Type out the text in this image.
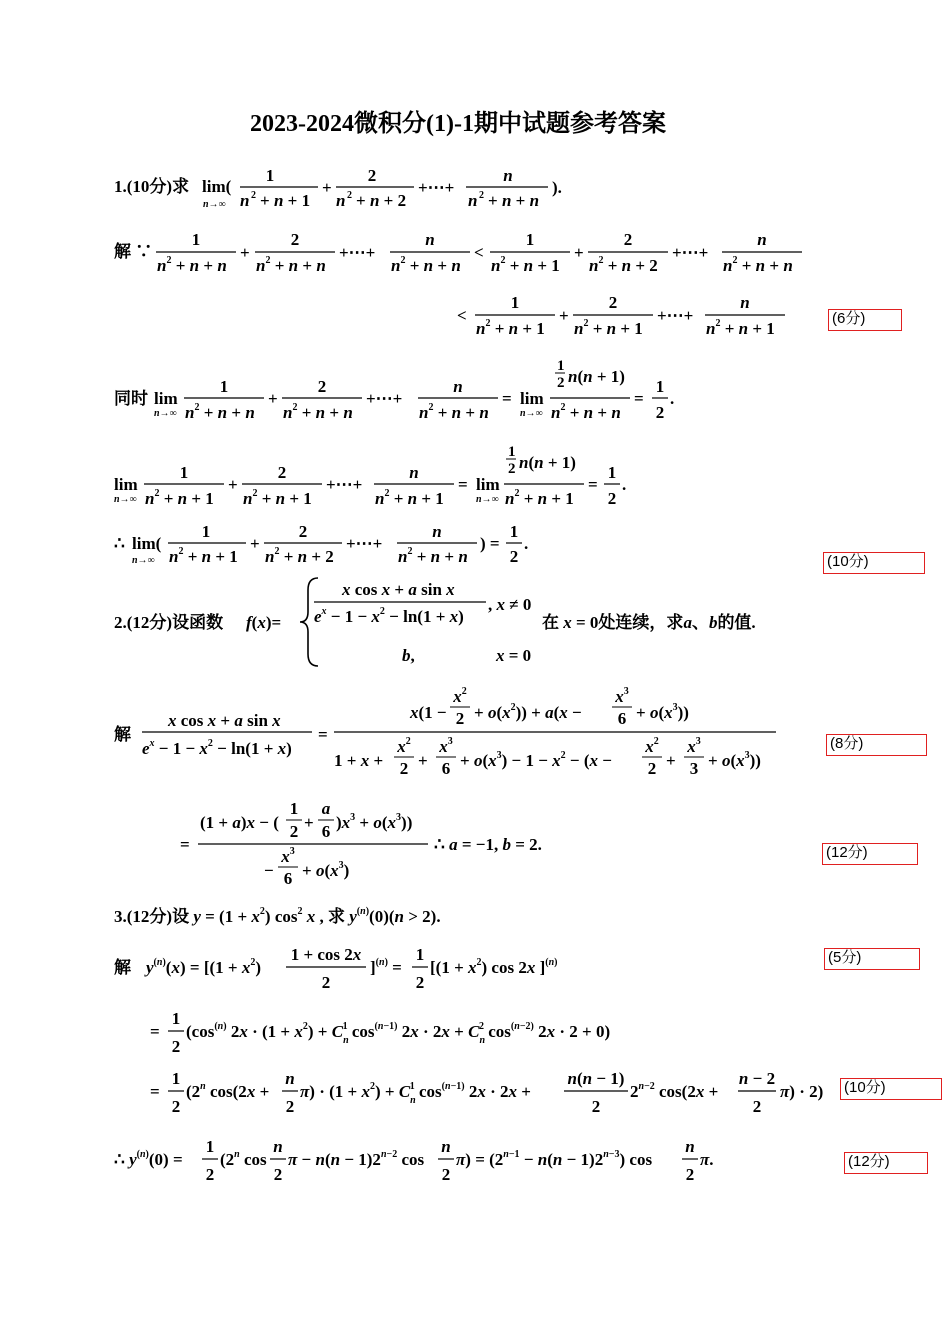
2023-2024微积分(1)-1期中试题参考答案
1.(10分)求 lim(
n→∞
1
n 2 + n + 1
+
2
n 2 + n + 2
+⋯+
n
n 2 + n + n
).
解 ∵
1
$n^2 + n + n$
+
2
$n^2 + n + n$
+⋯+
n
$n^2 + n + n$
<
1
$n^2 + n + 1$
+
2
$n^2 + n + 2$
+⋯+
n
$n^2 + n + n$
<
1
$n^2 + n + 1$
+
2
$n^2 + n + 1$
+⋯+
n
$n^2 + n + 1$
(6分)
同时 lim
n→∞
1
$n^2 + n + n$
+
2
$n^2 + n + n$
+⋯+
n
$n^2 + n + n$
= lim
n→∞
1
2 n(n + 1)
$n^2 + n + n$
=
1
2
.
lim
n→∞
1
$n^2 + n + 1$
+
2
$n^2 + n + 1$
+⋯+
n
$n^2 + n + 1$
= lim
n→∞
1
2 n(n + 1)
$n^2 + n + 1$
=
1
2
.
∴ lim(
n→∞
1
$n^2 + n + 1$
+
2
$n^2 + n + 2$
+⋯+
n
$n^2 + n + n$
) =
1
2
.
(10分)
2.(12分)设函数 f(x)=
x cos x + a sin x
$e^x - 1 - x^2 - \ln(1 + x)$
, x ≠ 0
在 x = 0处连续，求a、b的值.
b,	x = 0
解
x cos x + a sin x
$e^x - 1 - x^2 - \ln(1 + x)$
=
x(1 −
$x^2$
$2 + o(x^2)) + a(x$ −
$x^3$
$6 + o(x^3)$)
1 + x +
$x^2$
2 +
$x^3$
$6 + o(x^3) - 1 - x^2 - (x$ −
$x^2$
2 +
$x^3$
$3 + o(x^3)$)
(8分)
=
(1 + a)x − (
1
2 +
a
6 )$x^3 + o(x^3)$)
−
$x^3$
$6 + o(x^3)$
∴ a = −1, b = 2.	(12分)
3.(12分)设 $y = (1 + x^2)$ $\cos^2 x$ , 求 $y^{(n)}(0)(n > 2)$.
解 $y^{(n)}(x) = [(1 + x^2)$
1 + cos 2x
2
]$^{(n)}$ =
1
2
[$(1 + x^2)$ cos 2x ]$^{(n)}$	(5分)
=
1
2
($\cos^{(n)}$ $2x \cdot (1 + x^2) + C_n1$ $\cos^{(n-1)} 2x \cdot 2x + C_n2$ $\cos^{(n-2)} 2x \cdot 2 + 0$)
=
1
2
(2$^n$ cos(2x +
n
2
$\pi) \cdot (1 + x^2) + C_n1$ $\cos^{(n-1)} 2x \cdot 2x$ +
n(n − 1)
2
$2^{n-2}$ cos(2x +
n − 2
2
π) · 2) (10分)
∴ $y^{(n)}(0)$ =
1
2
(2$^n$ cos
n
2
$\pi - n(n - 1)2^{n-2}$ cos
n
2
$\pi) = (2^{n-1} - n(n - 1)2^{n-3})$ cos
n
2
π.	(12分)
